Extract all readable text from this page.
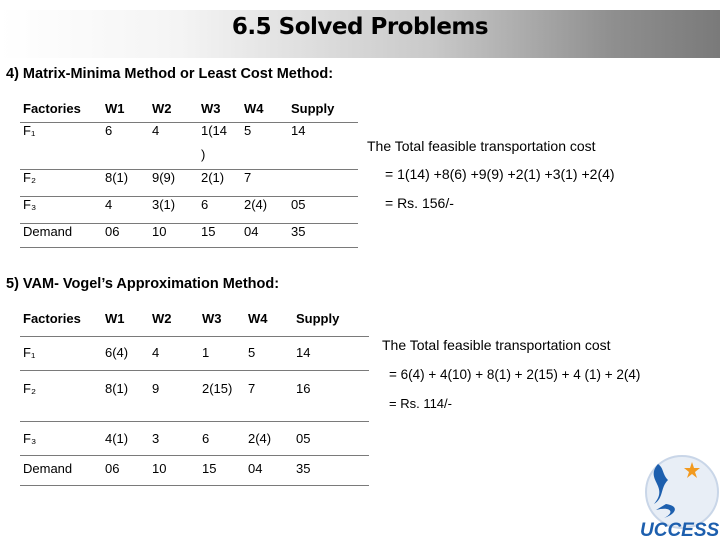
6.5 Solved Problems
4) Matrix-Minima Method or Least Cost Method:
Factories	W1	W2	W3	W4	Supply
F₁	6	4	1(14	5	14
			)		
F₂	8(1)	9(9)	2(1)	7	
F₃	4	3(1)	6	2(4)	05
Demand	06	10	15	04	35
The Total feasible transportation cost
= 1(14) +8(6) +9(9) +2(1) +3(1) +2(4)
= Rs. 156/-
5) VAM- Vogel’s Approximation Method:
Factories	W1	W2	W3	W4	Supply
F₁	6(4)	4	1	5	14
F₂	8(1)	9	2(15)	7	16
F₃	4(1)	3	6	2(4)	05
Demand	06	10	15	04	35
The Total feasible transportation cost
= 6(4) + 4(10) + 8(1) + 2(15) + 4 (1) + 2(4)
= Rs. 114/-
UCCESS
